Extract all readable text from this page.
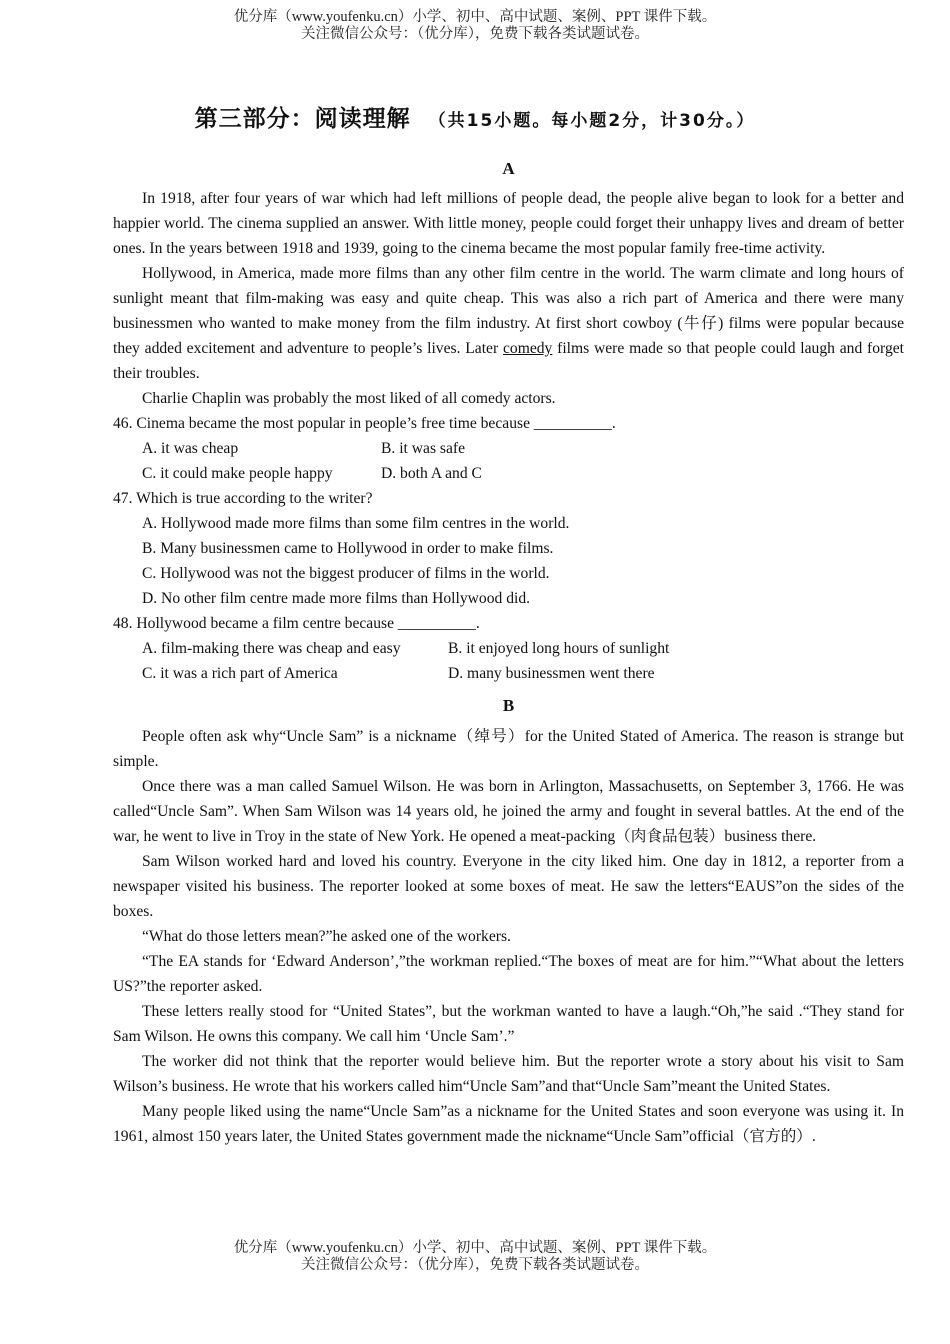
优分库（www.youfenku.cn）小学、初中、高中试题、案例、PPT 课件下载。
关注微信公众号：（优分库），免费下载各类试题试卷。
第三部分：阅读理解 （共15小题。每小题2分，计30分。）
A

In 1918, after four years of war which had left millions of people dead, the people alive began to look for a better and happier world. The cinema supplied an answer. With little money, people could forget their unhappy lives and dream of better ones. In the years between 1918 and 1939, going to the cinema became the most popular family free-time activity.

Hollywood, in America, made more films than any other film centre in the world. The warm climate and long hours of sunlight meant that film-making was easy and quite cheap. This was also a rich part of America and there were many businessmen who wanted to make money from the film industry. At first short cowboy (牛仔) films were popular because they added excitement and adventure to people’s lives. Later comedy films were made so that people could laugh and forget their troubles.

Charlie Chaplin was probably the most liked of all comedy actors.

46. Cinema became the most popular in people’s free time because __________.
A. it was cheap	B. it was safe
C. it could make people happy	D. both A and C
47. Which is true according to the writer?
A. Hollywood made more films than some film centres in the world.
B. Many businessmen came to Hollywood in order to make films.
C. Hollywood was not the biggest producer of films in the world.
D. No other film centre made more films than Hollywood did.
48. Hollywood became a film centre because __________.
A. film-making there was cheap and easy	B. it enjoyed long hours of sunlight
C. it was a rich part of America	D. many businessmen went there
B

People often ask why“Uncle Sam” is a nickname（绰号）for the United Stated of America. The reason is strange but simple.

Once there was a man called Samuel Wilson. He was born in Arlington, Massachusetts, on September 3, 1766. He was called“Uncle Sam”. When Sam Wilson was 14 years old, he joined the army and fought in several battles. At the end of the war, he went to live in Troy in the state of New York. He opened a meat-packing（肉食品包装）business there.

Sam Wilson worked hard and loved his country. Everyone in the city liked him. One day in 1812, a reporter from a newspaper visited his business. The reporter looked at some boxes of meat. He saw the letters“EAUS”on the sides of the boxes.

“What do those letters mean?”he asked one of the workers.

“The EA stands for ‘Edward Anderson’,”the workman replied.“The boxes of meat are for him.”“What about the letters US?”the reporter asked.

These letters really stood for “United States”, but the workman wanted to have a laugh.“Oh,”he said .“They stand for Sam Wilson. He owns this company. We call him ‘Uncle Sam’.”

The worker did not think that the reporter would believe him. But the reporter wrote a story about his visit to Sam Wilson’s business. He wrote that his workers called him“Uncle Sam”and that“Uncle Sam”meant the United States.

Many people liked using the name“Uncle Sam”as a nickname for the United States and soon everyone was using it. In 1961, almost 150 years later, the United States government made the nickname“Uncle Sam”official（官方的）.

优分库（www.youfenku.cn）小学、初中、高中试题、案例、PPT 课件下载。
关注微信公众号：（优分库），免费下载各类试题试卷。
